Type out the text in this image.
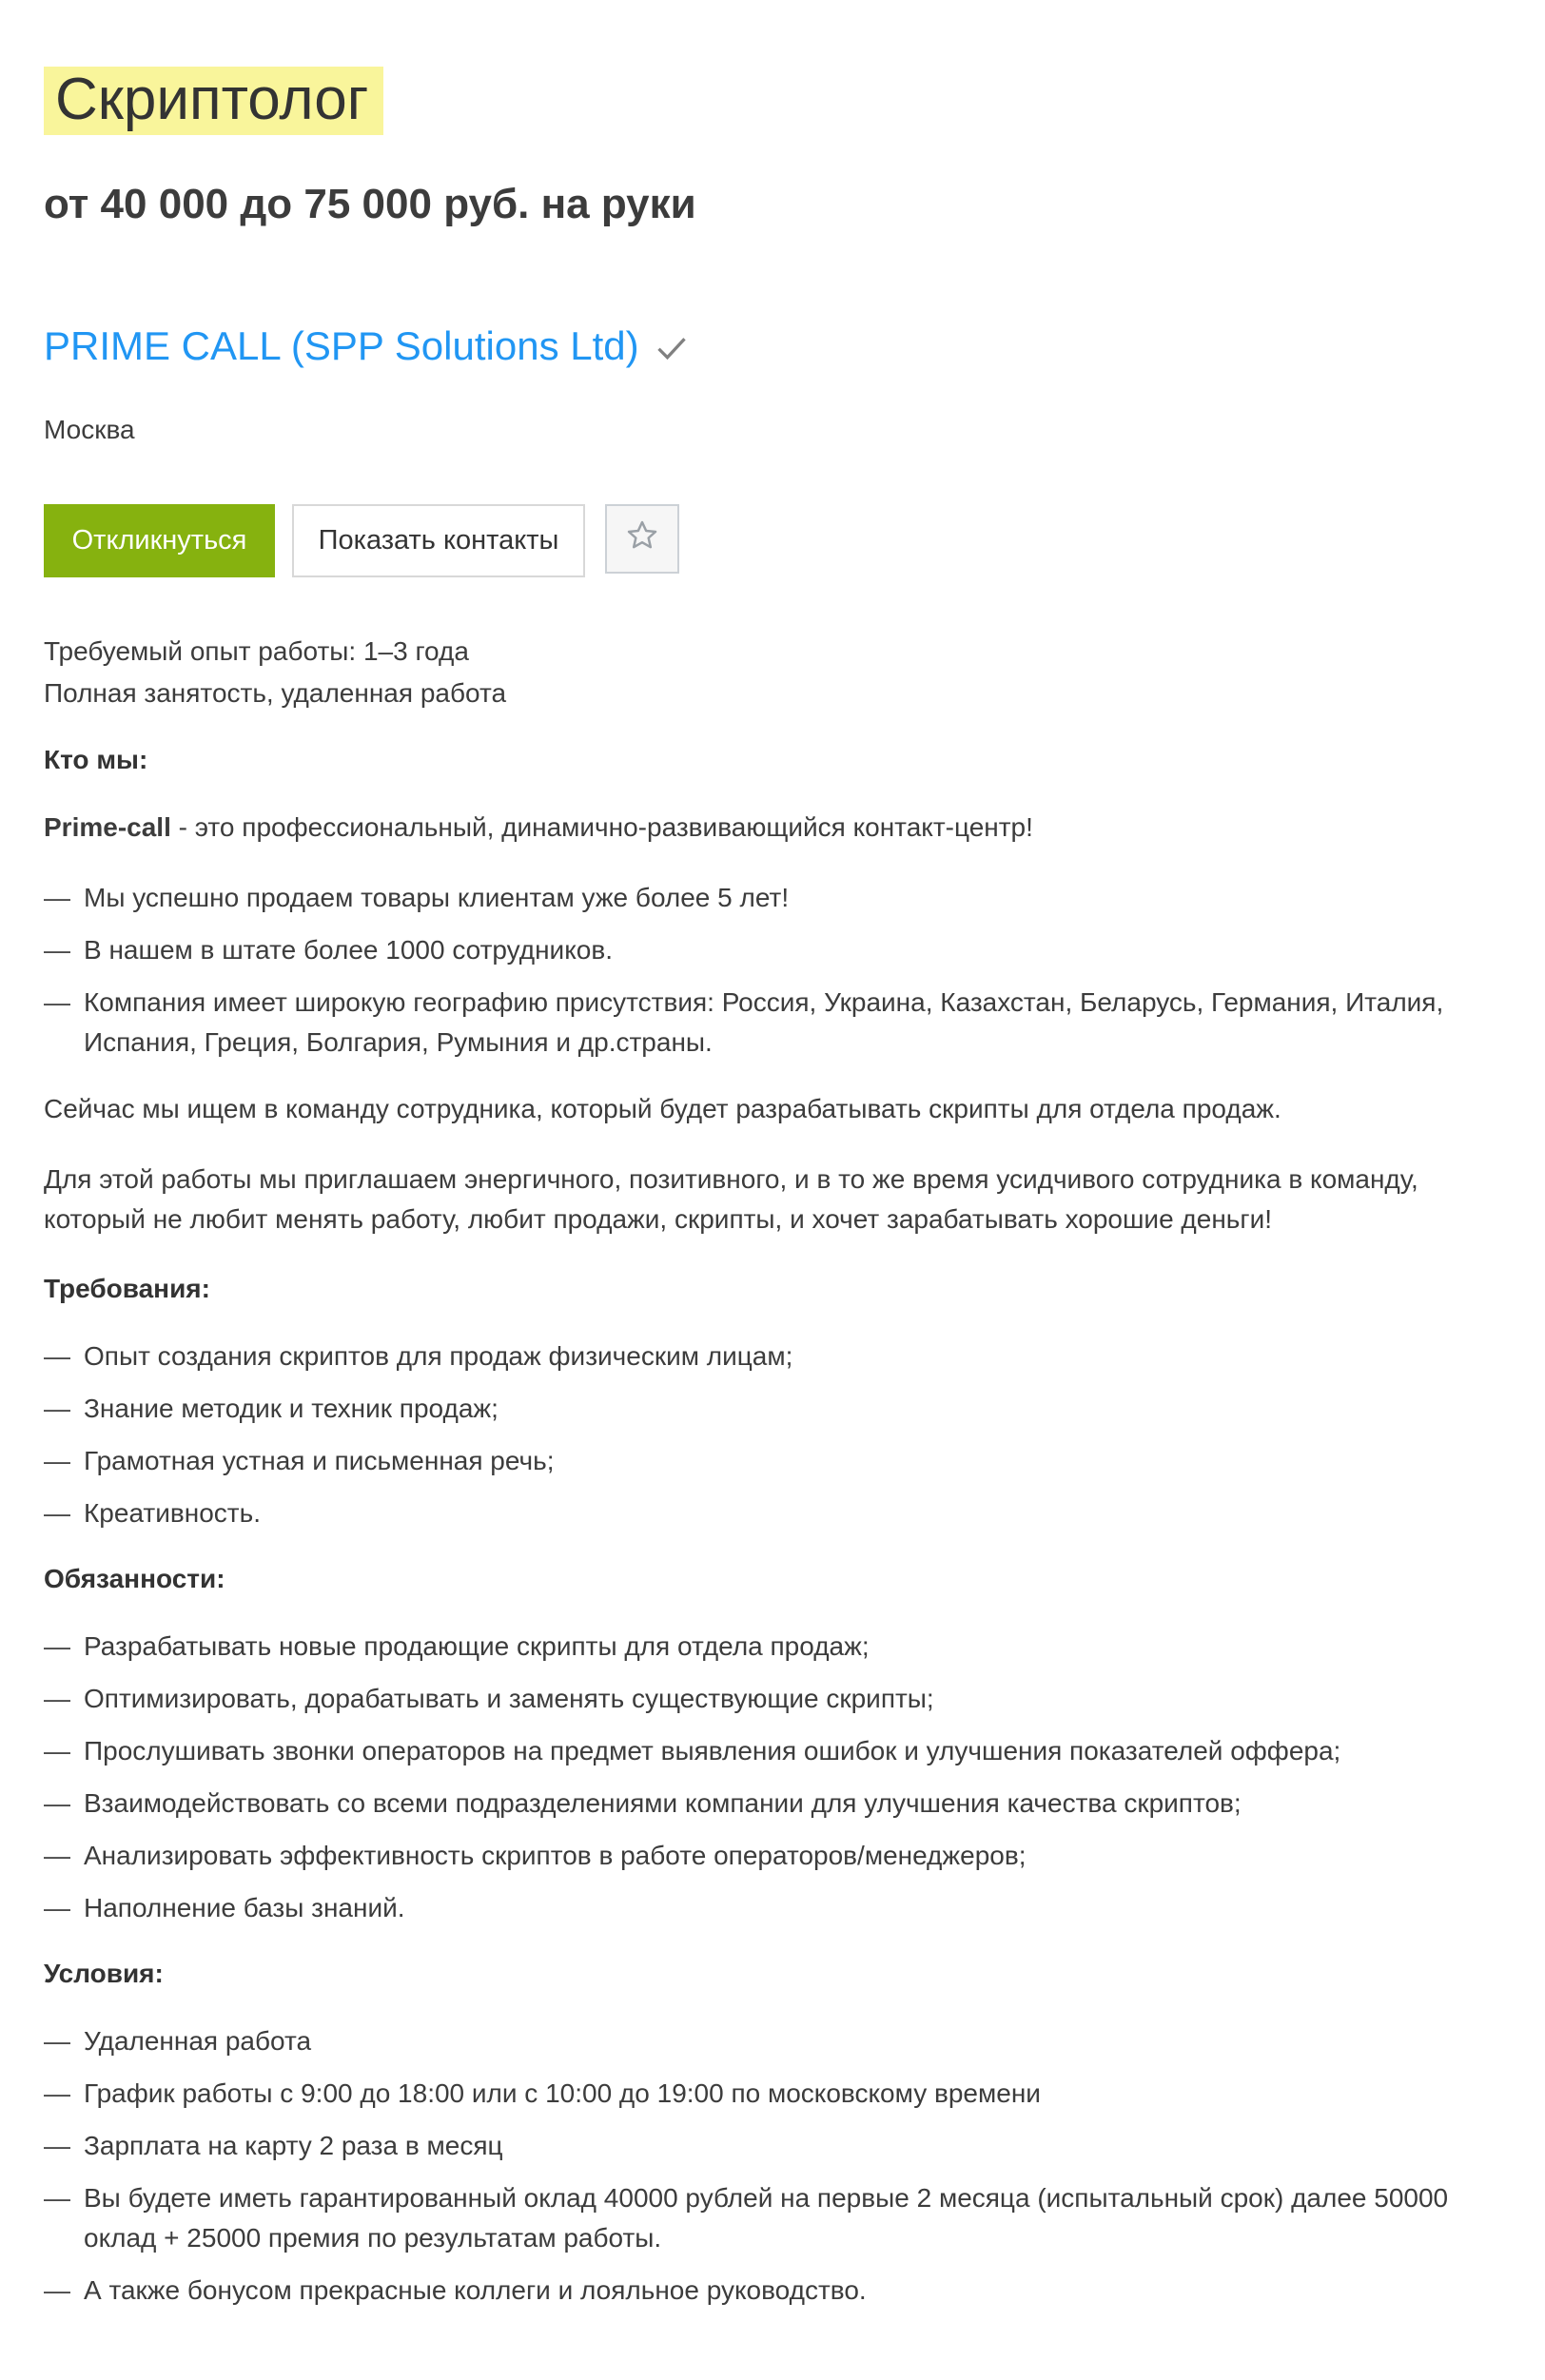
Скриптолог
от 40 000 до 75 000 руб. на руки
PRIME CALL (SPP Solutions Ltd)
Москва
Откликнуться	Показать контакты
Требуемый опыт работы: 1–3 года
Полная занятость, удаленная работа
Кто мы:

Prime-call - это профессиональный, динамично-развивающийся контакт-центр!

— Мы успешно продаем товары клиентам уже более 5 лет!
— В нашем в штате более 1000 сотрудников.
— Компания имеет широкую географию присутствия: Россия, Украина, Казахстан, Беларусь, Германия, Италия, Испания, Греция, Болгария, Румыния и др.страны.

Сейчас мы ищем в команду сотрудника, который будет разрабатывать скрипты для отдела продаж.

Для этой работы мы приглашаем энергичного, позитивного, и в то же время усидчивого сотрудника в команду, который не любит менять работу, любит продажи, скрипты, и хочет зарабатывать хорошие деньги!

Требования:
— Опыт создания скриптов для продаж физическим лицам;
— Знание методик и техник продаж;
— Грамотная устная и письменная речь;
— Креативность.
Обязанности:
— Разрабатывать новые продающие скрипты для отдела продаж;
— Оптимизировать, дорабатывать и заменять существующие скрипты;
— Прослушивать звонки операторов на предмет выявления ошибок и улучшения показателей оффера;
— Взаимодействовать со всеми подразделениями компании для улучшения качества скриптов;
— Анализировать эффективность скриптов в работе операторов/менеджеров;
— Наполнение базы знаний.
Условия:
— Удаленная работа
— График работы с 9:00 до 18:00 или с 10:00 до 19:00 по московскому времени
— Зарплата на карту 2 раза в месяц
— Вы будете иметь гарантированный оклад 40000 рублей на первые 2 месяца (испытальный срок) далее 50000 оклад + 25000 премия по результатам работы.
— А также бонусом прекрасные коллеги и лояльное руководство.
